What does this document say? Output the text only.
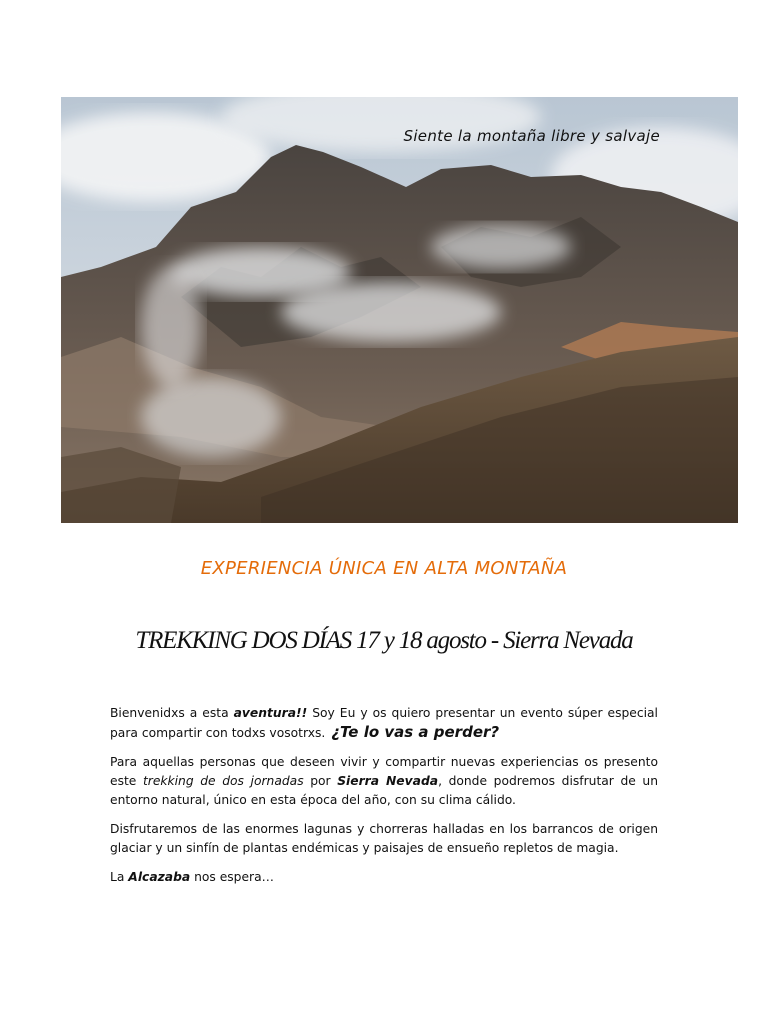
Siente la montaña libre y salvaje
EXPERIENCIA ÚNICA EN ALTA MONTAÑA
TREKKING DOS DÍAS 17 y 18 agosto - Sierra Nevada

Bienvenidxs a esta aventura!! Soy Eu y os quiero presentar un evento súper especial para compartir con todxs vosotrxs. ¿Te lo vas a perder?

Para aquellas personas que deseen vivir y compartir nuevas experiencias os presento este trekking de dos jornadas por Sierra Nevada, donde podremos disfrutar de un entorno natural, único en esta época del año, con su clima cálido.

Disfrutaremos de las enormes lagunas y chorreras halladas en los barrancos de origen glaciar y un sinfín de plantas endémicas y paisajes de ensueño repletos de magia.

La Alcazaba nos espera…
